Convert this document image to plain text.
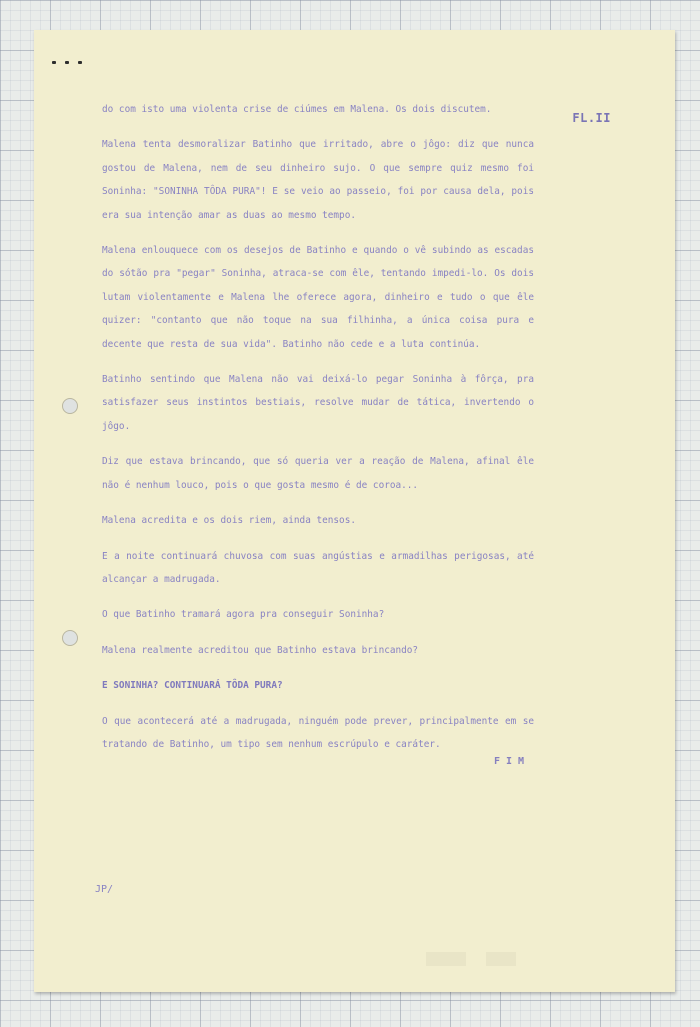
FL.II

do com isto uma violenta crise de ciúmes em Malena. Os dois discutem.

Malena tenta desmoralizar Batinho que irritado, abre o jôgo: diz que nunca gostou de Malena, nem de seu dinheiro sujo. O que sempre quiz mesmo foi Soninha: "SONINHA TÔDA PURA"! E se veio ao passeio, foi por causa dela, pois era sua intenção amar as duas ao mesmo tempo.

Malena enlouquece com os desejos de Batinho e quando o vê subindo as escadas do sótão pra "pegar" Soninha, atraca-se com êle, tentando impedi-lo. Os dois lutam violentamente e Malena lhe oferece agora, dinheiro e tudo o que êle quizer: "contanto que não toque na sua filhinha, a única coisa pura e decente que resta de sua vida". Batinho não cede e a luta continúa.

Batinho sentindo que Malena não vai deixá-lo pegar Soninha à fôrça, pra satisfazer seus instintos bestiais, resolve mudar de tática, invertendo o jôgo.

Diz que estava brincando, que só queria ver a reação de Malena, afinal êle não é nenhum louco, pois o que gosta mesmo é de coroa...

Malena acredita e os dois riem, ainda tensos.

E a noite continuará chuvosa com suas angústias e armadilhas perigosas, até alcançar a madrugada.

O que Batinho tramará agora pra conseguir Soninha?

Malena realmente acreditou que Batinho estava brincando?

E SONINHA? CONTINUARÁ TÔDA PURA?

O que acontecerá até a madrugada, ninguém pode prever, principalmente em se tratando de Batinho, um tipo sem nenhum escrúpulo e caráter.

FIM
JP/
